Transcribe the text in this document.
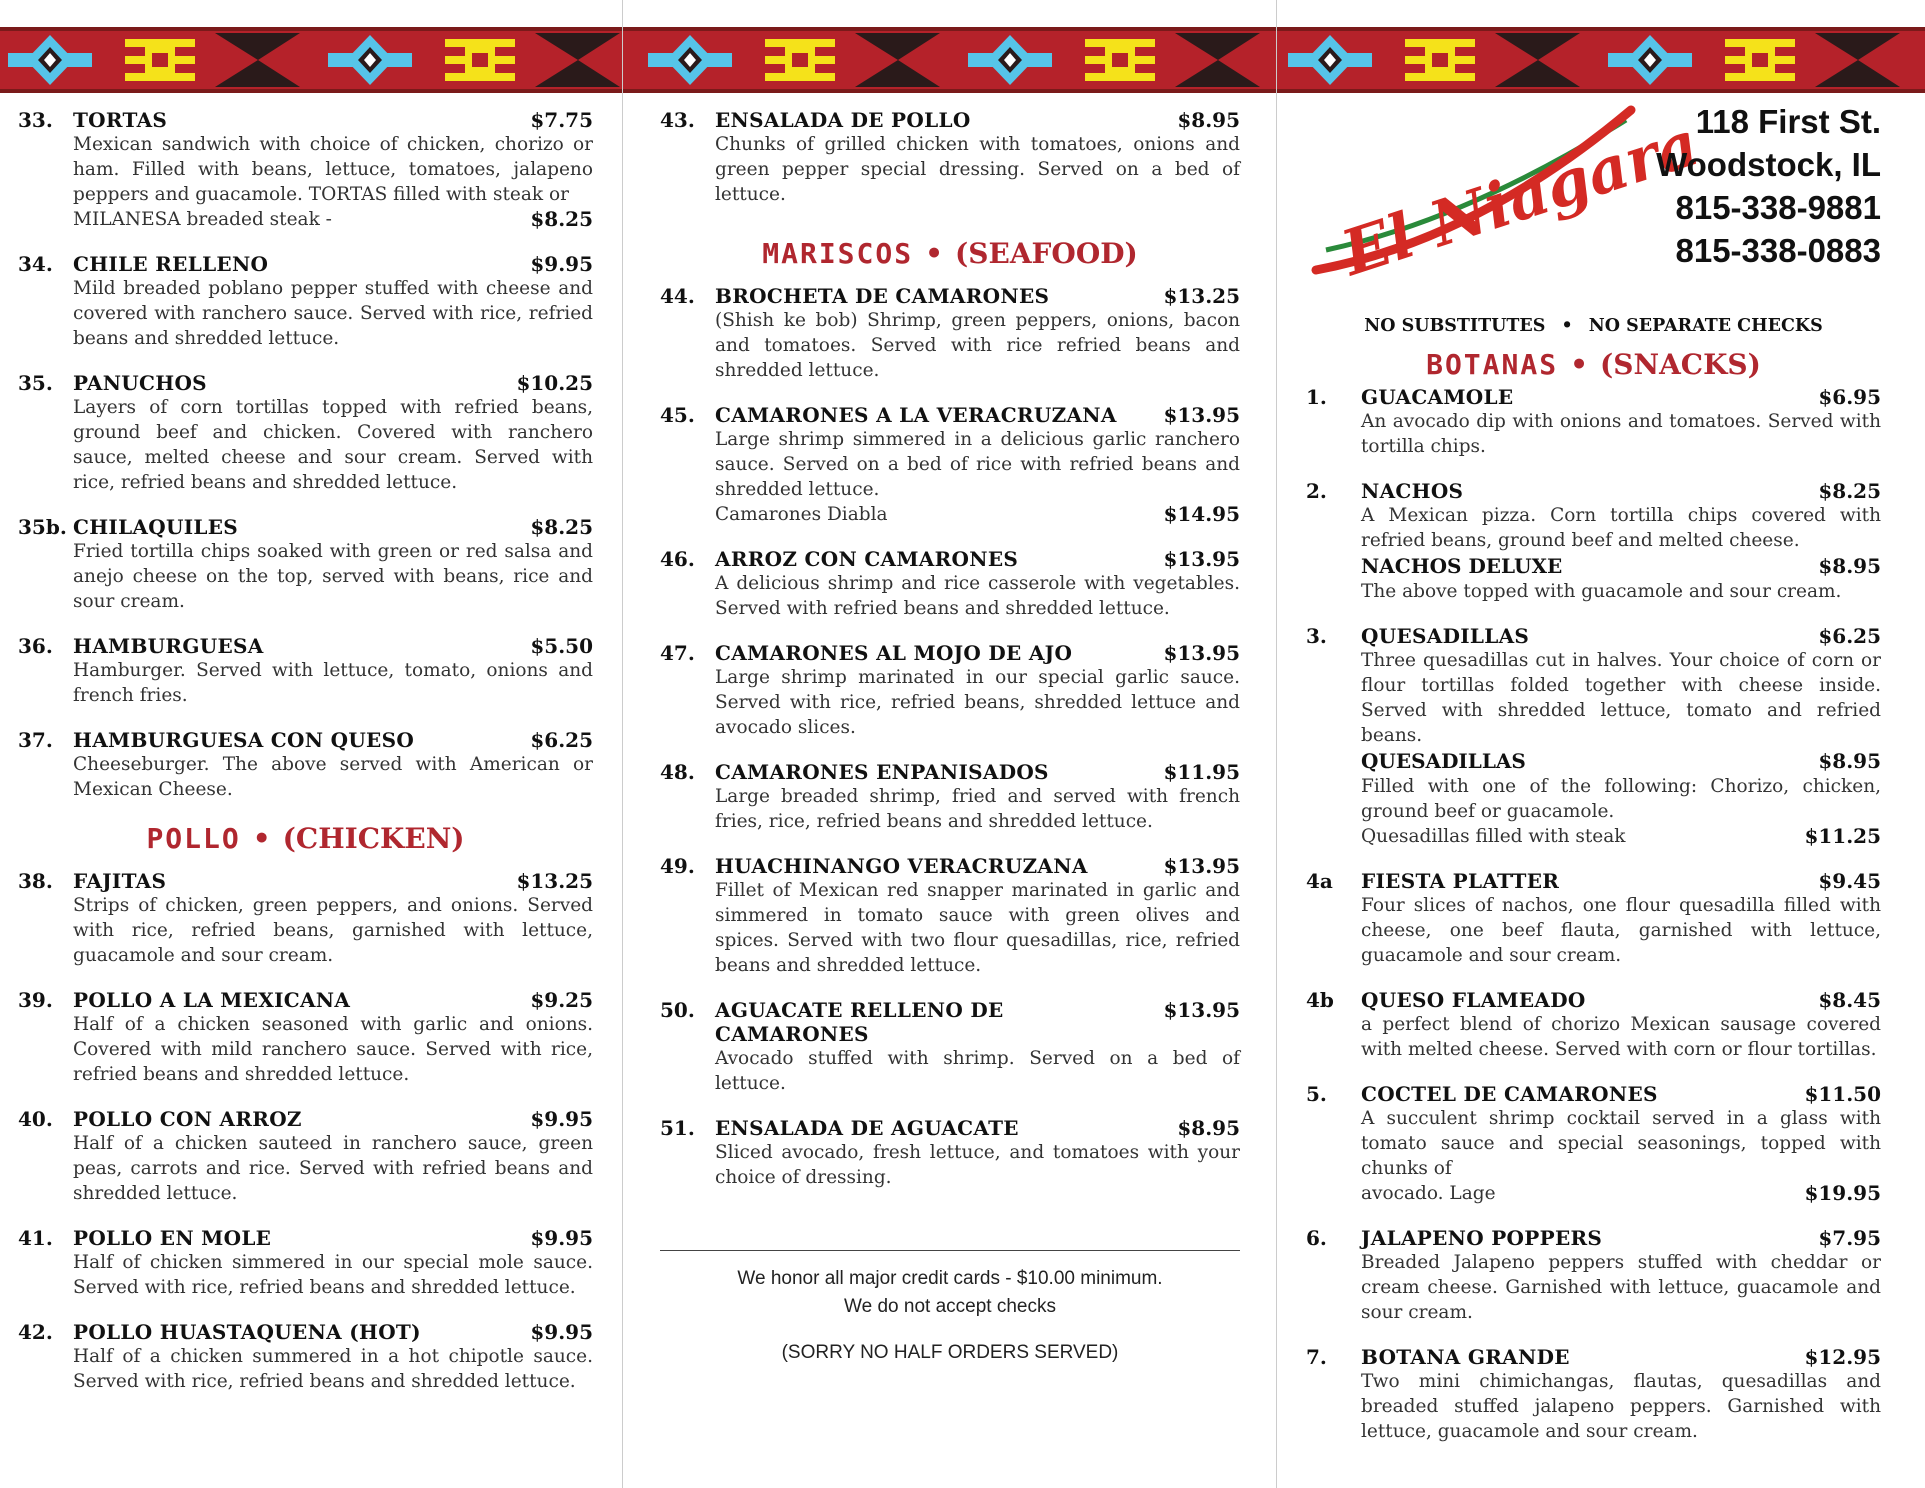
33.	TORTAS	$7.75
Mexican sandwich with choice of chicken, chorizo or ham. Filled with beans, lettuce, tomatoes, jalapeno peppers and guacamole. TORTAS filled with steak or
MILANESA breaded steak -	$8.25
34.	CHILE RELLENO	$9.95
Mild breaded poblano pepper stuffed with cheese and covered with ranchero sauce. Served with rice, refried beans and shredded lettuce.
35.	PANUCHOS	$10.25
Layers of corn tortillas topped with refried beans, ground beef and chicken. Covered with ranchero sauce, melted cheese and sour cream. Served with rice, refried beans and shredded lettuce.
35b. CHILAQUILES	$8.25
Fried tortilla chips soaked with green or red salsa and anejo cheese on the top, served with beans, rice and sour cream.
36.	HAMBURGUESA	$5.50
Hamburger. Served with lettuce, tomato, onions and french fries.
37.	HAMBURGUESA CON QUESO	$6.25
Cheeseburger. The above served with American or Mexican Cheese.
POLLO • (CHICKEN)
38.	FAJITAS	$13.25
Strips of chicken, green peppers, and onions. Served with rice, refried beans, garnished with lettuce, guacamole and sour cream.
39.	POLLO A LA MEXICANA	$9.25
Half of a chicken seasoned with garlic and onions. Covered with mild ranchero sauce. Served with rice, refried beans and shredded lettuce.
40.	POLLO CON ARROZ	$9.95
Half of a chicken sauteed in ranchero sauce, green peas, carrots and rice. Served with refried beans and shredded lettuce.
41.	POLLO EN MOLE	$9.95
Half of chicken simmered in our special mole sauce. Served with rice, refried beans and shredded lettuce.
42.	POLLO HUASTAQUENA (HOT)	$9.95
Half of a chicken summered in a hot chipotle sauce. Served with rice, refried beans and shredded lettuce.
43.	ENSALADA DE POLLO	$8.95
Chunks of grilled chicken with tomatoes, onions and green pepper special dressing. Served on a bed of lettuce.
MARISCOS • (SEAFOOD)
44.	BROCHETA DE CAMARONES	$13.25
(Shish ke bob) Shrimp, green peppers, onions, bacon and tomatoes. Served with rice refried beans and shredded lettuce.
45.	CAMARONES A LA VERACRUZANA	$13.95
Large shrimp simmered in a delicious garlic ranchero sauce. Served on a bed of rice with refried beans and shredded lettuce.
Camarones Diabla	$14.95
46.	ARROZ CON CAMARONES	$13.95
A delicious shrimp and rice casserole with vegetables. Served with refried beans and shredded lettuce.
47.	CAMARONES AL MOJO DE AJO	$13.95
Large shrimp marinated in our special garlic sauce. Served with rice, refried beans, shredded lettuce and avocado slices.
48.	CAMARONES ENPANISADOS	$11.95
Large breaded shrimp, fried and served with french fries, rice, refried beans and shredded lettuce.
49.	HUACHINANGO VERACRUZANA	$13.95
Fillet of Mexican red snapper marinated in garlic and simmered in tomato sauce with green olives and spices. Served with two flour quesadillas, rice, refried beans and shredded lettuce.
50.	AGUACATE RELLENO DE CAMARONES
$13.95
Avocado stuffed with shrimp. Served on a bed of lettuce.
51.	ENSALADA DE AGUACATE	$8.95
Sliced avocado, fresh lettuce, and tomatoes with your choice of dressing.
We honor all major credit cards - $10.00 minimum.
We do not accept checks
(SORRY NO HALF ORDERS SERVED)
El Niagara
118 First St.
Woodstock, IL
815-338-9881
815-338-0883
NO SUBSTITUTES • NO SEPARATE CHECKS
BOTANAS • (SNACKS)
1.	GUACAMOLE	$6.95
An avocado dip with onions and tomatoes. Served with tortilla chips.
2.	NACHOS	$8.25
A Mexican pizza. Corn tortilla chips covered with refried beans, ground beef and melted cheese.
NACHOS DELUXE	$8.95
The above topped with guacamole and sour cream.
3.	QUESADILLAS	$6.25
Three quesadillas cut in halves. Your choice of corn or flour tortillas folded together with cheese inside. Served with shredded lettuce, tomato and refried beans.
QUESADILLAS	$8.95
Filled with one of the following: Chorizo, chicken, ground beef or guacamole.
Quesadillas filled with steak	$11.25
4a	FIESTA PLATTER	$9.45
Four slices of nachos, one flour quesadilla filled with cheese, one beef flauta, garnished with lettuce, guacamole and sour cream.
4b	QUESO FLAMEADO	$8.45
a perfect blend of chorizo Mexican sausage covered with melted cheese. Served with corn or flour tortillas.
5.	COCTEL DE CAMARONES	$11.50
A succulent shrimp cocktail served in a glass with tomato sauce and special seasonings, topped with chunks of
avocado. Lage	$19.95
6.	JALAPENO POPPERS	$7.95
Breaded Jalapeno peppers stuffed with cheddar or cream cheese. Garnished with lettuce, guacamole and sour cream.
7.	BOTANA GRANDE	$12.95
Two mini chimichangas, flautas, quesadillas and breaded stuffed jalapeno peppers. Garnished with lettuce, guacamole and sour cream.
